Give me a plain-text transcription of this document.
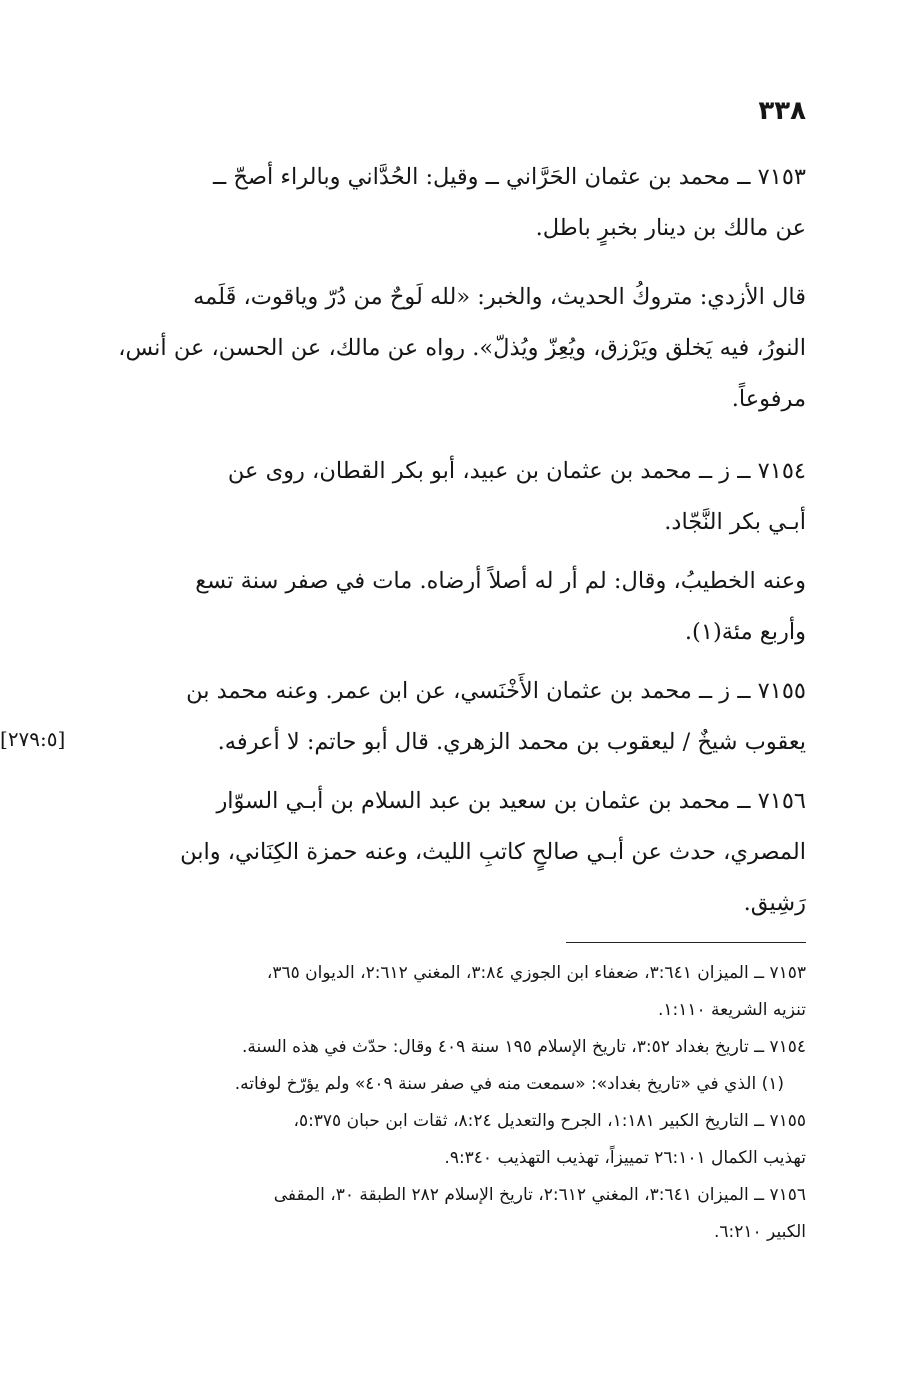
٣٣٨
٧١٥٣ ــ محمد بن عثمان الحَرَّاني ــ وقيل: الحُدَّاني وبالراء أصحّ ــ
عن مالك بن دينار بخبرٍ باطل.
قال الأزدي: متروكُ الحديث، والخبر: «لله لَوحٌ من دُرّ وياقوت، قَلَمه
النورُ، فيه يَخلق ويَرْزق، ويُعِزّ ويُذلّ». رواه عن مالك، عن الحسن، عن أنس،
مرفوعاً.
٧١٥٤ ــ ز ــ محمد بن عثمان بن عبيد، أبو بكر القطان، روى عن
أبـي بكر النَّجّاد.
وعنه الخطيبُ، وقال: لم أر له أصلاً أرضاه. مات في صفر سنة تسع
وأربع مئة(١).
٧١٥٥ ــ ز ــ محمد بن عثمان الأَخْنَسي، عن ابن عمر. وعنه محمد بن
يعقوب شيخٌ / ليعقوب بن محمد الزهري. قال أبو حاتم: لا أعرفه.
[٢٧٩:٥]
٧١٥٦ ــ محمد بن عثمان بن سعيد بن عبد السلام بن أبـي السوّار
المصري، حدث عن أبـي صالحٍ كاتبِ الليث، وعنه حمزة الكِنَاني، وابن
رَشِيق.
٧١٥٣ ــ الميزان ٣:٦٤١، ضعفاء ابن الجوزي ٣:٨٤، المغني ٢:٦١٢، الديوان ٣٦٥،
تنزيه الشريعة ١:١١٠.
٧١٥٤ ــ تاريخ بغداد ٣:٥٢، تاريخ الإسلام ١٩٥ سنة ٤٠٩ وقال: حدّث في هذه السنة.
(١) الذي في «تاريخ بغداد»: «سمعت منه في صفر سنة ٤٠٩» ولم يؤرّخ لوفاته.
٧١٥٥ ــ التاريخ الكبير ١:١٨١، الجرح والتعديل ٨:٢٤، ثقات ابن حبان ٥:٣٧٥،
تهذيب الكمال ٢٦:١٠١ تمييزاً، تهذيب التهذيب ٩:٣٤٠.
٧١٥٦ ــ الميزان ٣:٦٤١، المغني ٢:٦١٢، تاريخ الإسلام ٢٨٢ الطبقة ٣٠، المقفى
الكبير ٦:٢١٠.
